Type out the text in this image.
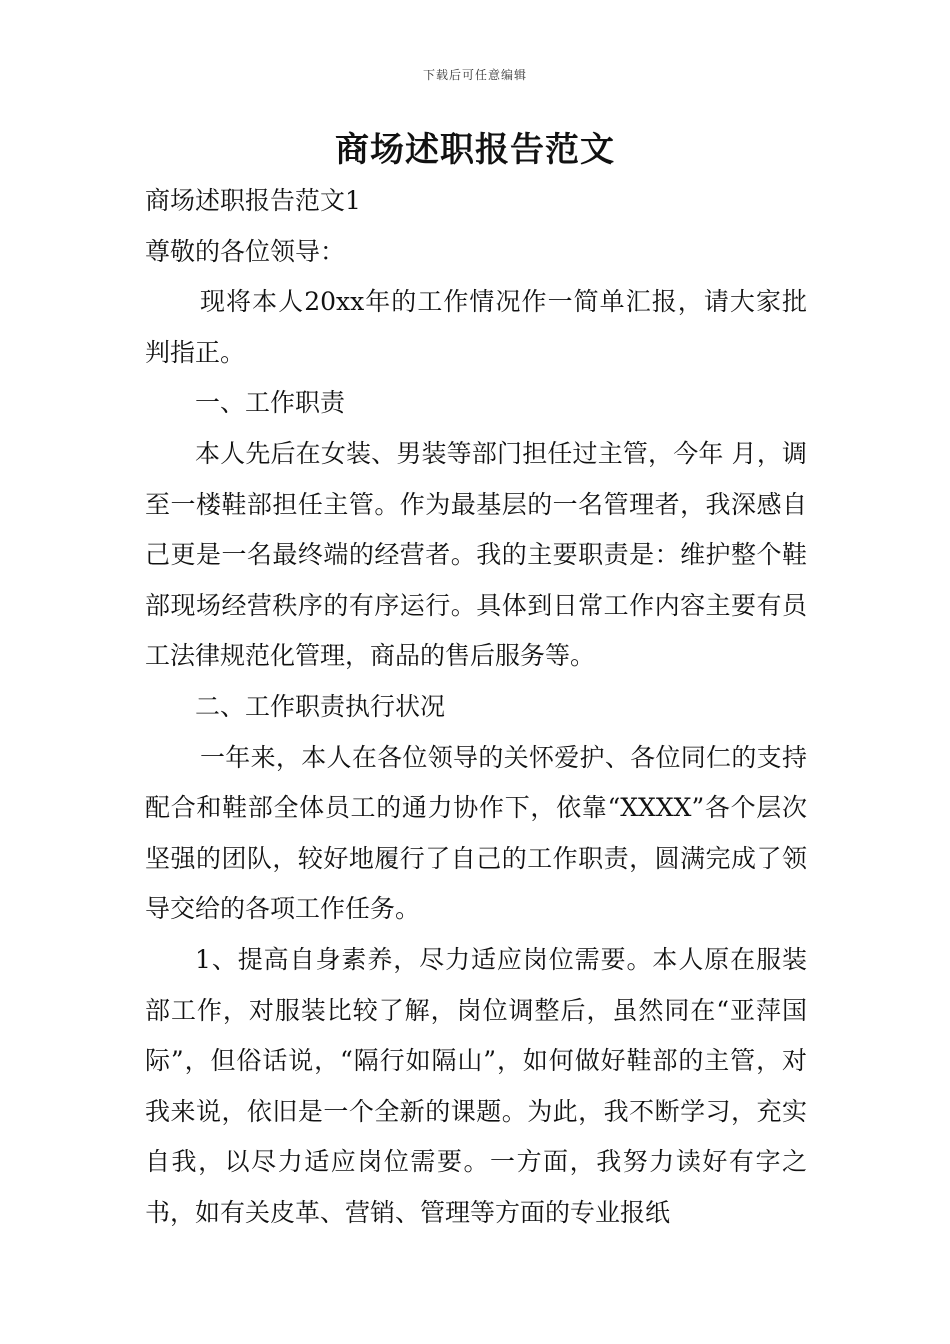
下载后可任意编辑
商场述职报告范文

商场述职报告范文1

尊敬的各位领导：

现将本人20xx年的工作情况作一简单汇报，请大家批判指正。

一、工作职责

本人先后在女装、男装等部门担任过主管，今年 月，调至一楼鞋部担任主管。作为最基层的一名管理者，我深感自己更是一名最终端的经营者。我的主要职责是：维护整个鞋部现场经营秩序的有序运行。具体到日常工作内容主要有员工法律规范化管理，商品的售后服务等。

二、工作职责执行状况

一年来，本人在各位领导的关怀爱护、各位同仁的支持配合和鞋部全体员工的通力协作下，依靠“XXXX”各个层次坚强的团队，较好地履行了自己的工作职责，圆满完成了领导交给的各项工作任务。

1、提高自身素养，尽力适应岗位需要。本人原在服装部工作，对服装比较了解，岗位调整后，虽然同在“亚萍国际”，但俗话说，“隔行如隔山”，如何做好鞋部的主管，对我来说，依旧是一个全新的课题。为此，我不断学习，充实自我，以尽力适应岗位需要。一方面，我努力读好有字之书，如有关皮革、营销、管理等方面的专业报纸
